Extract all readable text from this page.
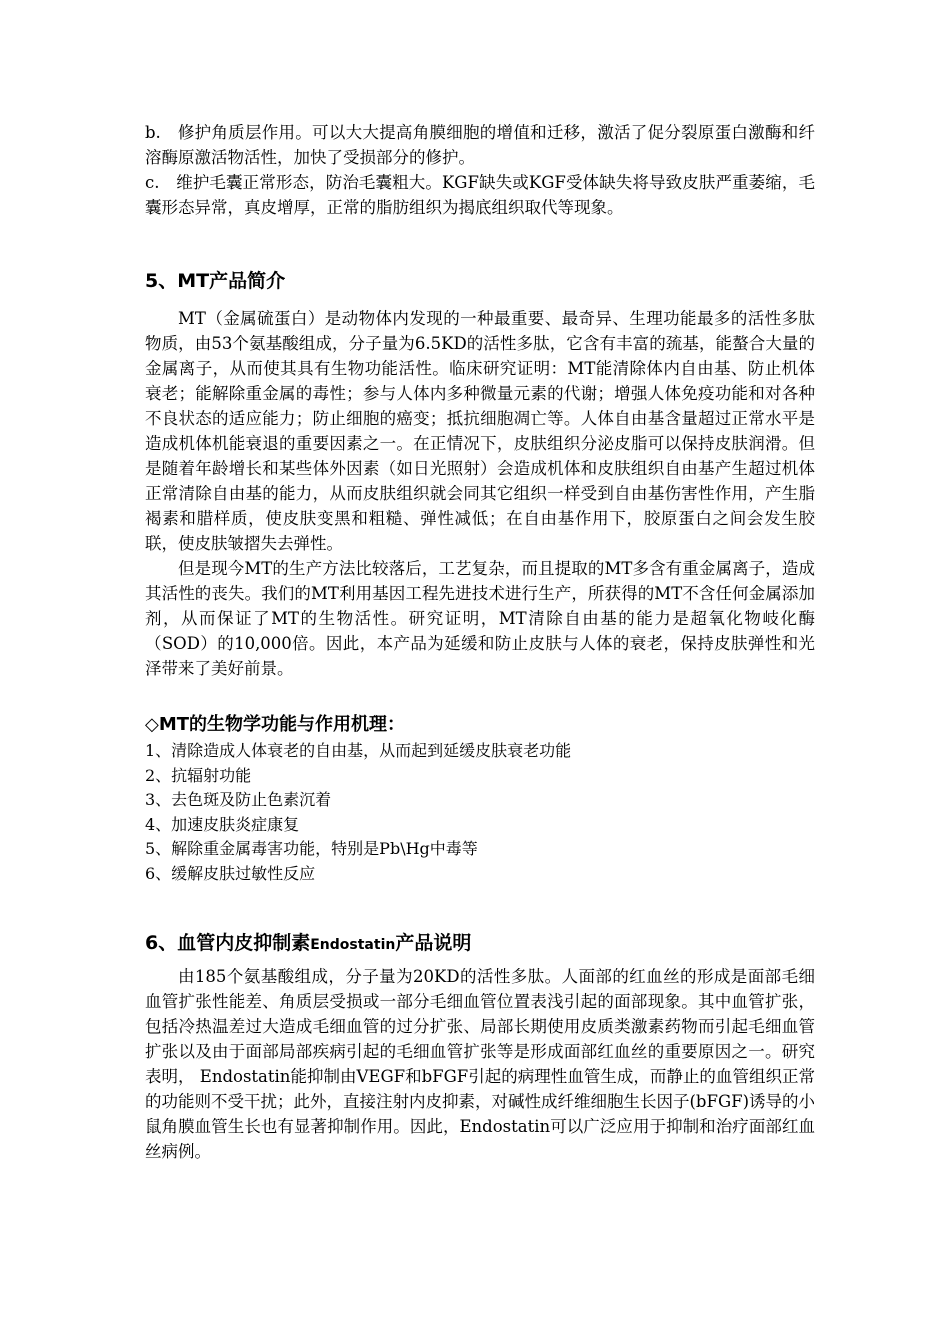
b.　修护角质层作用。可以大大提高角膜细胞的增值和迁移，激活了促分裂原蛋白激酶和纤溶酶原激活物活性，加快了受损部分的修护。

c.　维护毛囊正常形态，防治毛囊粗大。KGF缺失或KGF受体缺失将导致皮肤严重萎缩，毛囊形态异常，真皮增厚，正常的脂肪组织为揭底组织取代等现象。

5、MT产品简介

MT（金属硫蛋白）是动物体内发现的一种最重要、最奇异、生理功能最多的活性多肽物质，由53个氨基酸组成，分子量为6.5KD的活性多肽，它含有丰富的巯基，能螯合大量的金属离子，从而使其具有生物功能活性。临床研究证明：MT能清除体内自由基、防止机体衰老；能解除重金属的毒性；参与人体内多种微量元素的代谢；增强人体免疫功能和对各种不良状态的适应能力；防止细胞的癌变；抵抗细胞凋亡等。人体自由基含量超过正常水平是造成机体机能衰退的重要因素之一。在正情况下，皮肤组织分泌皮脂可以保持皮肤润滑。但是随着年龄增长和某些体外因素（如日光照射）会造成机体和皮肤组织自由基产生超过机体正常清除自由基的能力，从而皮肤组织就会同其它组织一样受到自由基伤害性作用，产生脂褐素和腊样质，使皮肤变黑和粗糙、弹性减低；在自由基作用下，胶原蛋白之间会发生胶联，使皮肤皱摺失去弹性。

但是现今MT的生产方法比较落后，工艺复杂，而且提取的MT多含有重金属离子，造成其活性的丧失。我们的MT利用基因工程先进技术进行生产，所获得的MT不含任何金属添加剂，从而保证了MT的生物活性。研究证明，MT清除自由基的能力是超氧化物岐化酶（SOD）的10,000倍。因此，本产品为延缓和防止皮肤与人体的衰老，保持皮肤弹性和光泽带来了美好前景。

◇MT的生物学功能与作用机理：
1、清除造成人体衰老的自由基，从而起到延缓皮肤衰老功能
2、抗辐射功能
3、去色斑及防止色素沉着
4、加速皮肤炎症康复
5、解除重金属毒害功能，特别是Pb\Hg中毒等
6、缓解皮肤过敏性反应
6、血管内皮抑制素Endostatin产品说明

由185个氨基酸组成，分子量为20KD的活性多肽。人面部的红血丝的形成是面部毛细血管扩张性能差、角质层受损或一部分毛细血管位置表浅引起的面部现象。其中血管扩张，包括冷热温差过大造成毛细血管的过分扩张、局部长期使用皮质类激素药物而引起毛细血管扩张以及由于面部局部疾病引起的毛细血管扩张等是形成面部红血丝的重要原因之一。研究表明， Endostatin能抑制由VEGF和bFGF引起的病理性血管生成，而静止的血管组织正常的功能则不受干扰；此外，直接注射内皮抑素，对碱性成纤维细胞生长因子(bFGF)诱导的小鼠角膜血管生长也有显著抑制作用。因此，Endostatin可以广泛应用于抑制和治疗面部红血丝病例。
